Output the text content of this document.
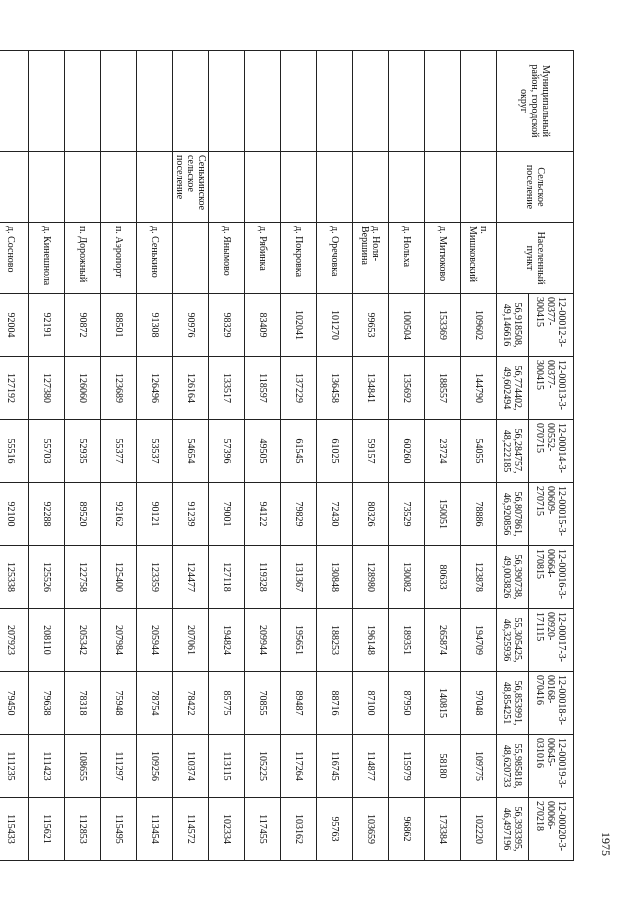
1975
Муниципальный район, городской округ	Сельское поселение	Населенный пункт	12-00012-3-00377-300415	12-00013-3-00377-300415	12-00014-3-00552-070715	12-00015-3-00609-270715	12-00016-3-00664-170815	12-00017-3-00920-171115	12-00018-3-00168-070416	12-00019-3-00645-031016	12-00020-3-00066-270218
			56,918508, 49,146616	56,774402, 49,602494	56,284757, 48,222185	56,807861, 46,920856	56,390738, 49,003826	55,305425, 46,325936	56,853991, 48,854251	55,985818, 48,620733	56,393395, 46,497196
		п. Мишковский	109602	144790	54055	78886	123878	194709	97048	109775	102220
		д. Митюково	153369	188557	23724	150051	80633	265874	140815	58180	173384
		д. Нольха	100504	135692	60260	73529	130082	189351	87950	115979	96862
		д. Ноля-Вершина	99653	134841	59157	80326	128980	196148	87100	114877	103659
		д. Оречовка	101270	136458	61025	72430	130848	188253	88716	116745	95763
		д. Покровка	102041	137229	61545	79829	131367	195651	89487	117264	103162
		д. Рябинка	83409	118597	49505	94122	119328	209944	70855	105225	117455
		д. Янымово	98329	133517	57396	79001	127118	194824	85775	113115	102334
	Сенькинское сельское поселение		90976	126164	54654	91239	124477	207061	78422	110374	114572
		д. Сенькино	91308	126496	53537	90121	123359	205944	78754	109256	113454
		п. Аэропорт	88501	123689	55377	92162	125400	207984	75948	111297	115495
		п. Дорожный	90872	126060	52935	89520	122758	205342	78318	108655	112853
		д. Кинешнола	92191	127380	55703	92288	125526	208110	79638	111423	115621
		д. Сосново	92004	127192	55516	92100	125338	207923	79450	111235	115433
